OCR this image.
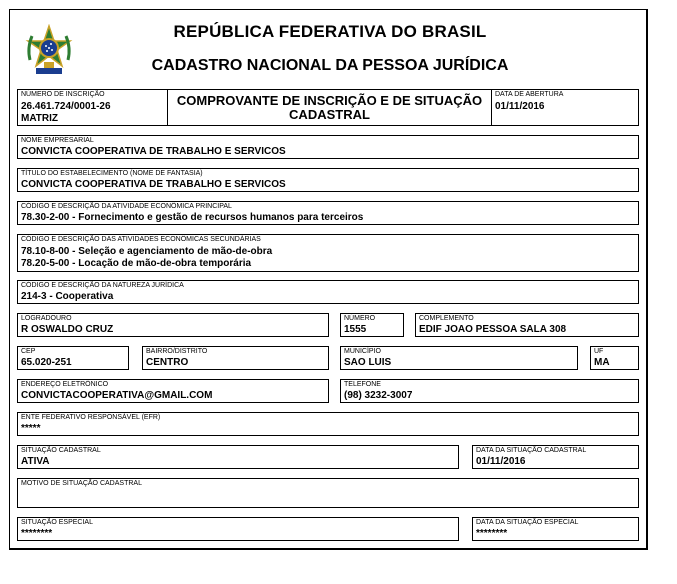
REPÚBLICA FEDERATIVA DO BRASIL
CADASTRO NACIONAL DA PESSOA JURÍDICA
NÚMERO DE INSCRIÇÃO
26.461.724/0001-26
MATRIZ
COMPROVANTE DE INSCRIÇÃO E DE SITUAÇÃO
CADASTRAL
DATA DE ABERTURA
01/11/2016
NOME EMPRESARIAL
CONVICTA COOPERATIVA DE TRABALHO E SERVICOS
TÍTULO DO ESTABELECIMENTO (NOME DE FANTASIA)
CONVICTA COOPERATIVA DE TRABALHO E SERVICOS
CÓDIGO E DESCRIÇÃO DA ATIVIDADE ECONÔMICA PRINCIPAL
78.30-2-00 - Fornecimento e gestão de recursos humanos para terceiros
CÓDIGO E DESCRIÇÃO DAS ATIVIDADES ECONÔMICAS SECUNDÁRIAS
78.10-8-00 - Seleção e agenciamento de mão-de-obra
78.20-5-00 - Locação de mão-de-obra temporária
CÓDIGO E DESCRIÇÃO DA NATUREZA JURÍDICA
214-3 - Cooperativa
LOGRADOURO
R OSWALDO CRUZ
NÚMERO
1555
COMPLEMENTO
EDIF JOAO PESSOA SALA 308
CEP
65.020-251
BAIRRO/DISTRITO
CENTRO
MUNICÍPIO
SAO LUIS
UF
MA
ENDEREÇO ELETRÔNICO
CONVICTACOOPERATIVA@GMAIL.COM
TELEFONE
(98) 3232-3007
ENTE FEDERATIVO RESPONSÁVEL (EFR)
*****
SITUAÇÃO CADASTRAL
ATIVA
DATA DA SITUAÇÃO CADASTRAL
01/11/2016
MOTIVO DE SITUAÇÃO CADASTRAL
SITUAÇÃO ESPECIAL
********
DATA DA SITUAÇÃO ESPECIAL
********
